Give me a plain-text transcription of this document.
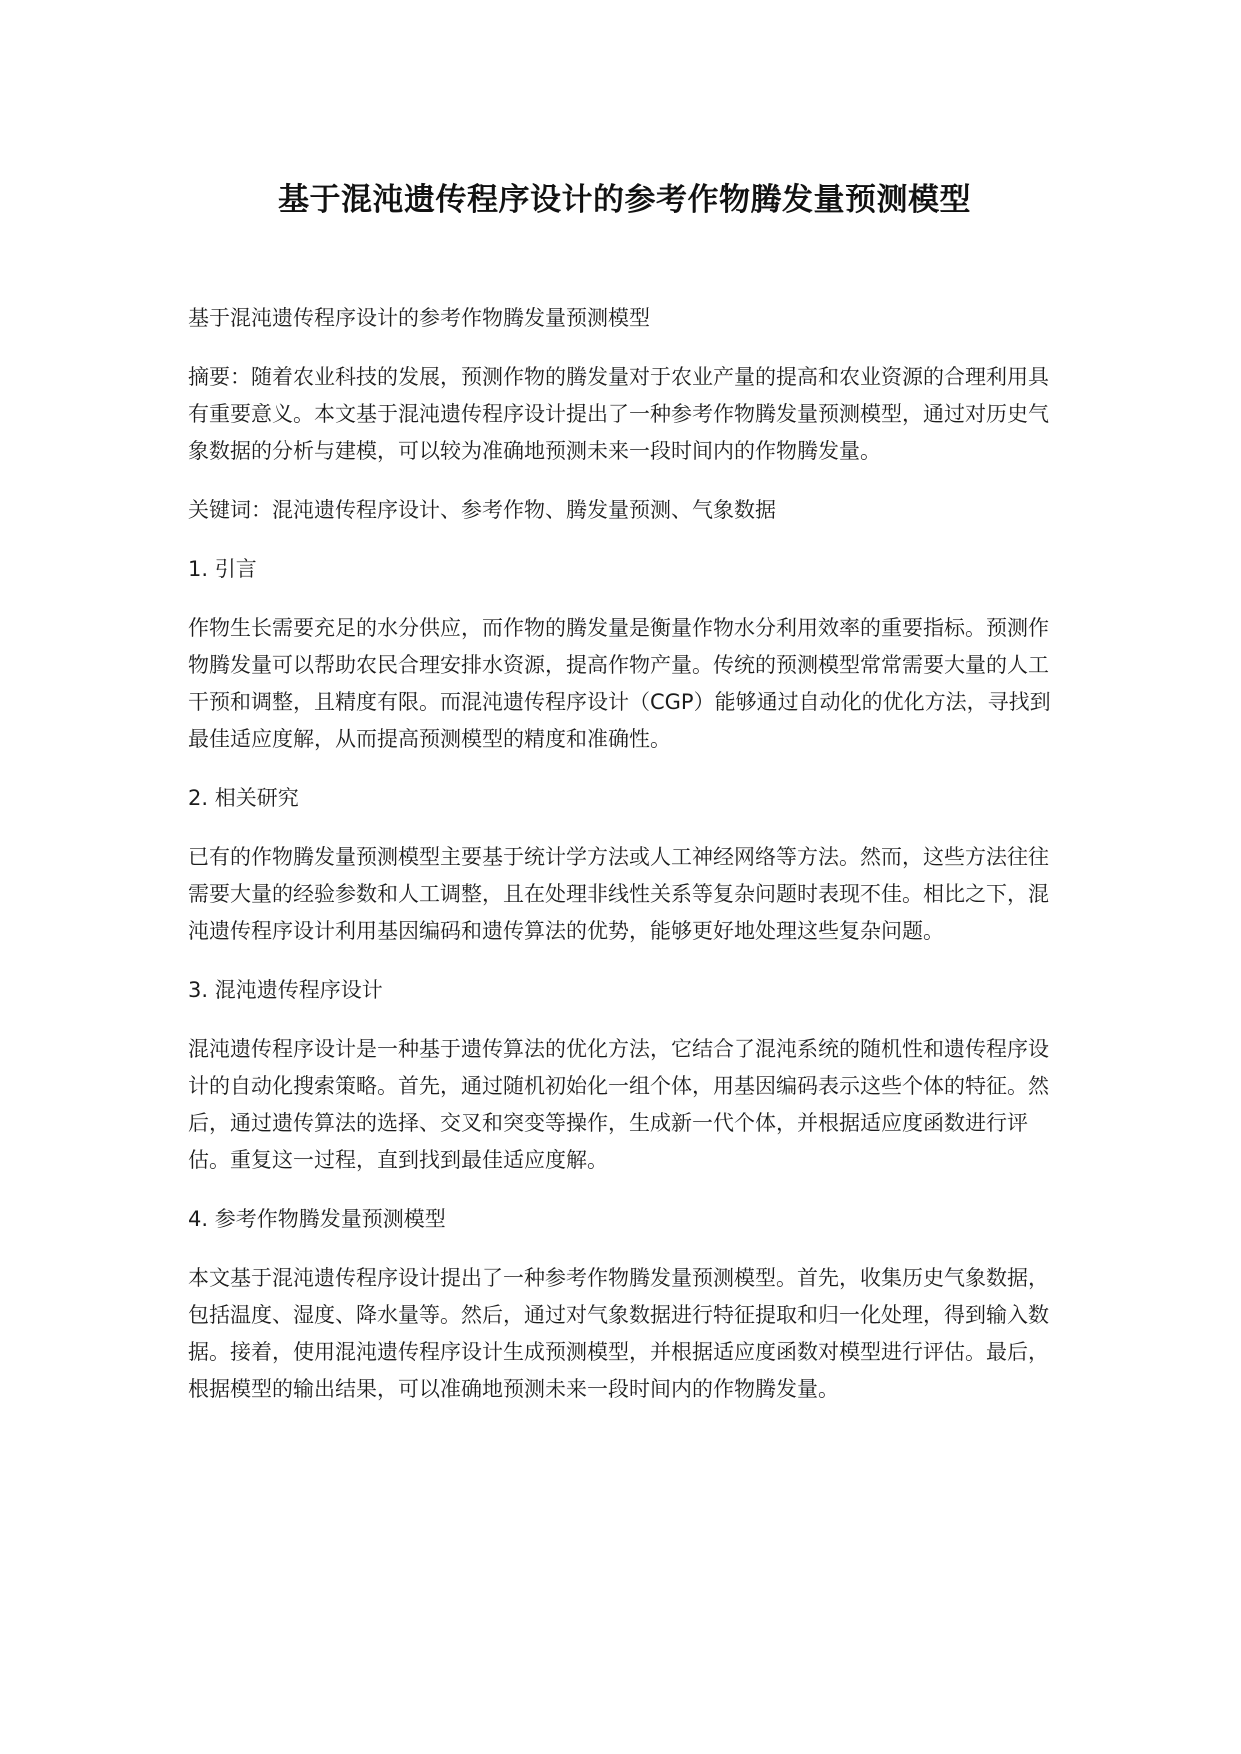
基于混沌遗传程序设计的参考作物腾发量预测模型

基于混沌遗传程序设计的参考作物腾发量预测模型

摘要：随着农业科技的发展，预测作物的腾发量对于农业产量的提高和农业资源的合理利用具有重要意义。本文基于混沌遗传程序设计提出了一种参考作物腾发量预测模型，通过对历史气象数据的分析与建模，可以较为准确地预测未来一段时间内的作物腾发量。

关键词：混沌遗传程序设计、参考作物、腾发量预测、气象数据

1. 引言

作物生长需要充足的水分供应，而作物的腾发量是衡量作物水分利用效率的重要指标。预测作物腾发量可以帮助农民合理安排水资源，提高作物产量。传统的预测模型常常需要大量的人工干预和调整，且精度有限。而混沌遗传程序设计（CGP）能够通过自动化的优化方法，寻找到最佳适应度解，从而提高预测模型的精度和准确性。

2. 相关研究

已有的作物腾发量预测模型主要基于统计学方法或人工神经网络等方法。然而，这些方法往往需要大量的经验参数和人工调整，且在处理非线性关系等复杂问题时表现不佳。相比之下，混沌遗传程序设计利用基因编码和遗传算法的优势，能够更好地处理这些复杂问题。

3. 混沌遗传程序设计

混沌遗传程序设计是一种基于遗传算法的优化方法，它结合了混沌系统的随机性和遗传程序设计的自动化搜索策略。首先，通过随机初始化一组个体，用基因编码表示这些个体的特征。然后，通过遗传算法的选择、交叉和突变等操作，生成新一代个体，并根据适应度函数进行评估。重复这一过程，直到找到最佳适应度解。

4. 参考作物腾发量预测模型

本文基于混沌遗传程序设计提出了一种参考作物腾发量预测模型。首先，收集历史气象数据，包括温度、湿度、降水量等。然后，通过对气象数据进行特征提取和归一化处理，得到输入数据。接着，使用混沌遗传程序设计生成预测模型，并根据适应度函数对模型进行评估。最后，根据模型的输出结果，可以准确地预测未来一段时间内的作物腾发量。
